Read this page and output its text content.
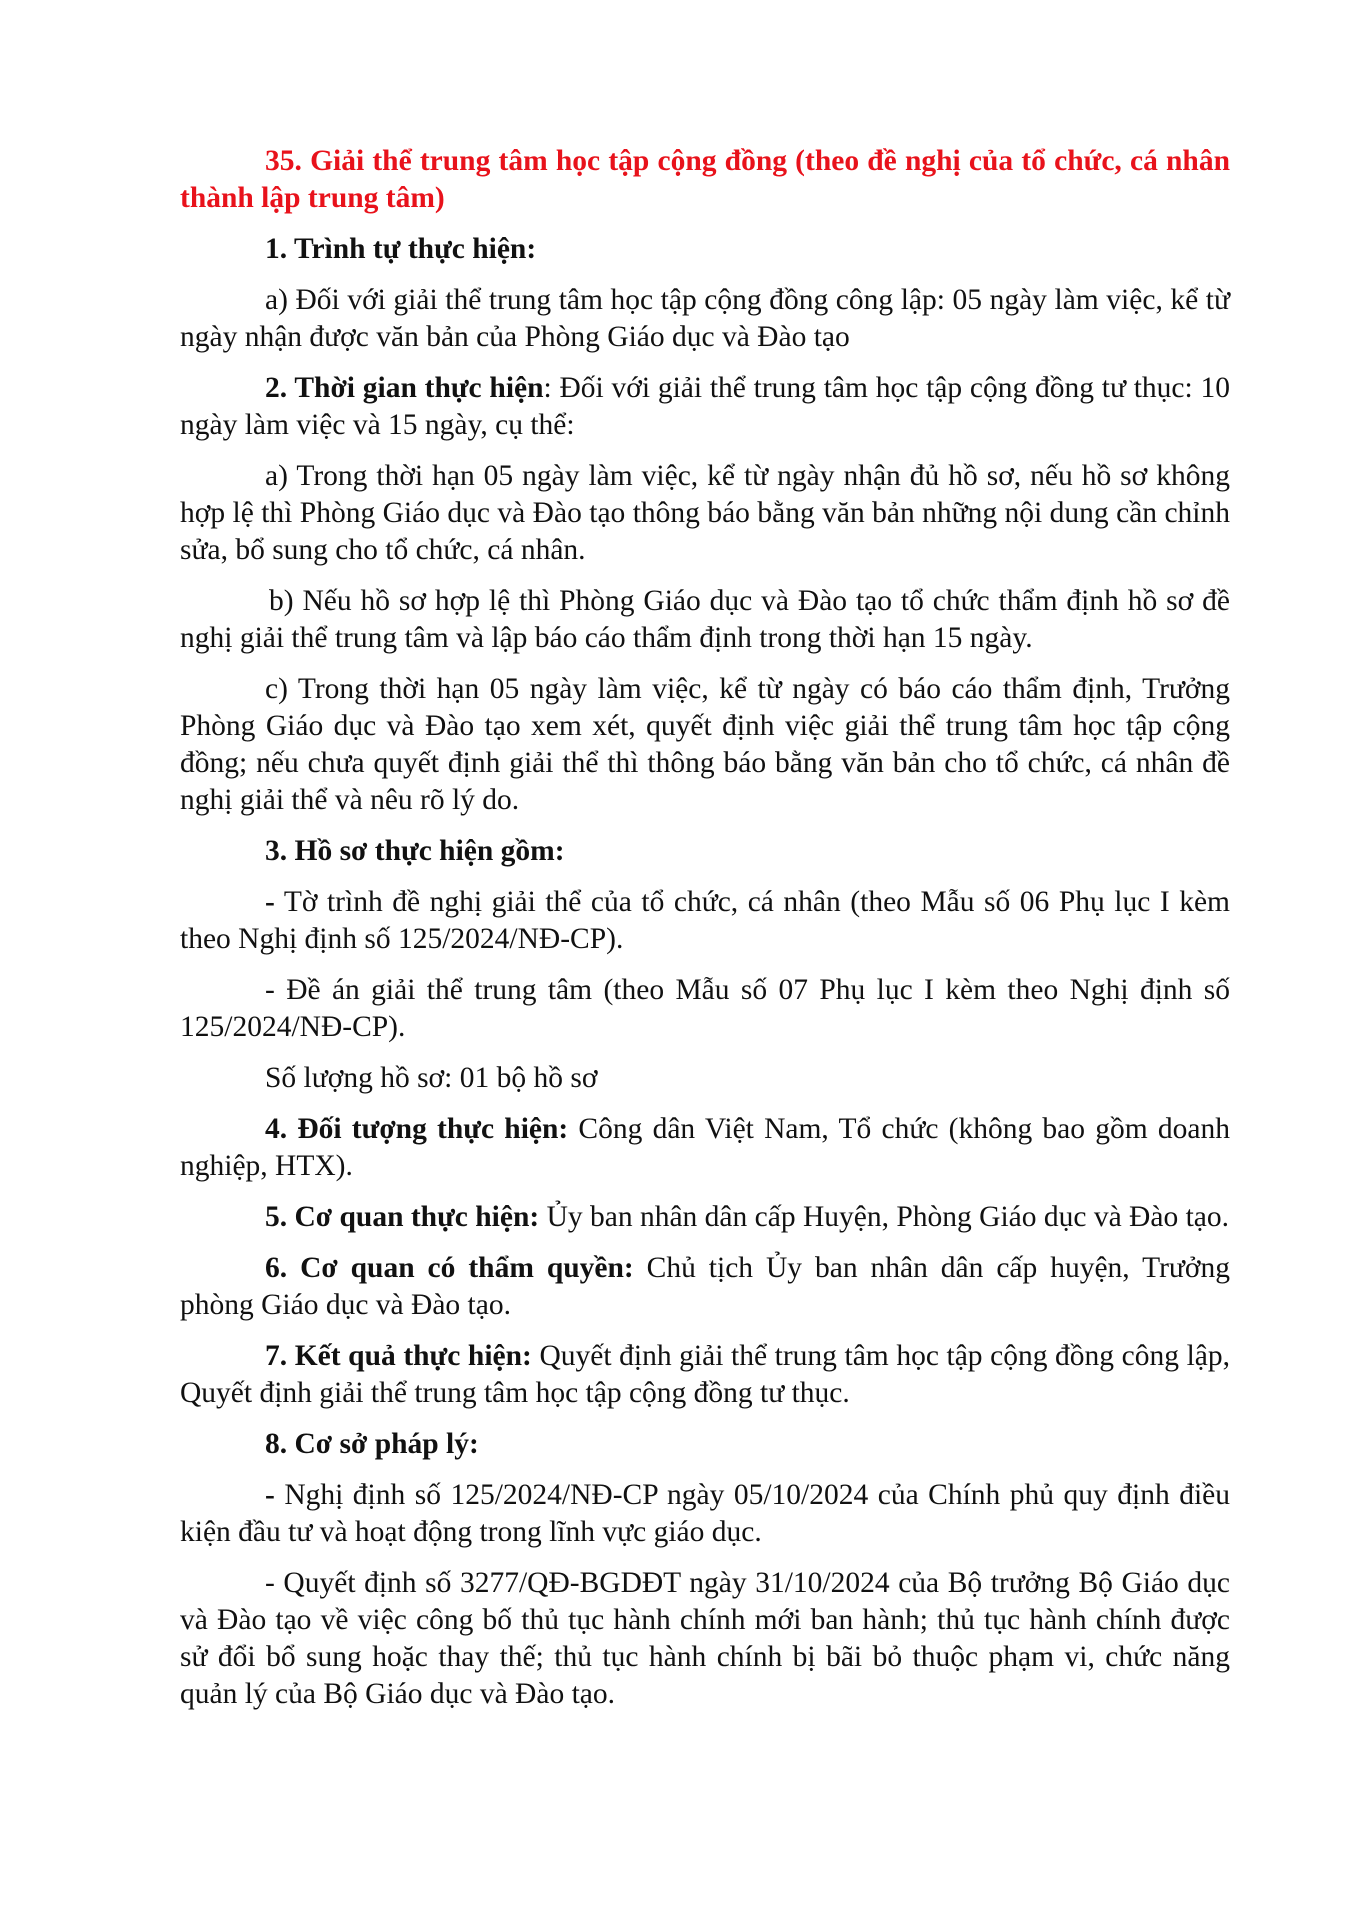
35. Giải thể trung tâm học tập cộng đồng (theo đề nghị của tổ chức, cá nhân thành lập trung tâm)
1. Trình tự thực hiện:
a) Đối với giải thể trung tâm học tập cộng đồng công lập: 05 ngày làm việc, kể từ ngày nhận được văn bản của Phòng Giáo dục và Đào tạo
2. Thời gian thực hiện: Đối với giải thể trung tâm học tập cộng đồng tư thục: 10 ngày làm việc và 15 ngày, cụ thể:
a) Trong thời hạn 05 ngày làm việc, kể từ ngày nhận đủ hồ sơ, nếu hồ sơ không hợp lệ thì Phòng Giáo dục và Đào tạo thông báo bằng văn bản những nội dung cần chỉnh sửa, bổ sung cho tổ chức, cá nhân.
b) Nếu hồ sơ hợp lệ thì Phòng Giáo dục và Đào tạo tổ chức thẩm định hồ sơ đề nghị giải thể trung tâm và lập báo cáo thẩm định trong thời hạn 15 ngày.
c) Trong thời hạn 05 ngày làm việc, kể từ ngày có báo cáo thẩm định, Trưởng Phòng Giáo dục và Đào tạo xem xét, quyết định việc giải thể trung tâm học tập cộng đồng; nếu chưa quyết định giải thể thì thông báo bằng văn bản cho tổ chức, cá nhân đề nghị giải thể và nêu rõ lý do.
3. Hồ sơ thực hiện gồm:
- Tờ trình đề nghị giải thể của tổ chức, cá nhân (theo Mẫu số 06 Phụ lục I kèm theo Nghị định số 125/2024/NĐ-CP).
- Đề án giải thể trung tâm (theo Mẫu số 07 Phụ lục I kèm theo Nghị định số 125/2024/NĐ-CP).
Số lượng hồ sơ: 01 bộ hồ sơ
4. Đối tượng thực hiện: Công dân Việt Nam, Tổ chức (không bao gồm doanh nghiệp, HTX).
5. Cơ quan thực hiện: Ủy ban nhân dân cấp Huyện, Phòng Giáo dục và Đào tạo.
6. Cơ quan có thẩm quyền: Chủ tịch Ủy ban nhân dân cấp huyện, Trưởng phòng Giáo dục và Đào tạo.
7. Kết quả thực hiện: Quyết định giải thể trung tâm học tập cộng đồng công lập, Quyết định giải thể trung tâm học tập cộng đồng tư thục.
8. Cơ sở pháp lý:
- Nghị định số 125/2024/NĐ-CP ngày 05/10/2024 của Chính phủ quy định điều kiện đầu tư và hoạt động trong lĩnh vực giáo dục.
- Quyết định số 3277/QĐ-BGDĐT ngày 31/10/2024 của Bộ trưởng Bộ Giáo dục và Đào tạo về việc công bố thủ tục hành chính mới ban hành; thủ tục hành chính được sử đổi bổ sung hoặc thay thế; thủ tục hành chính bị bãi bỏ thuộc phạm vi, chức năng quản lý của Bộ Giáo dục và Đào tạo.
